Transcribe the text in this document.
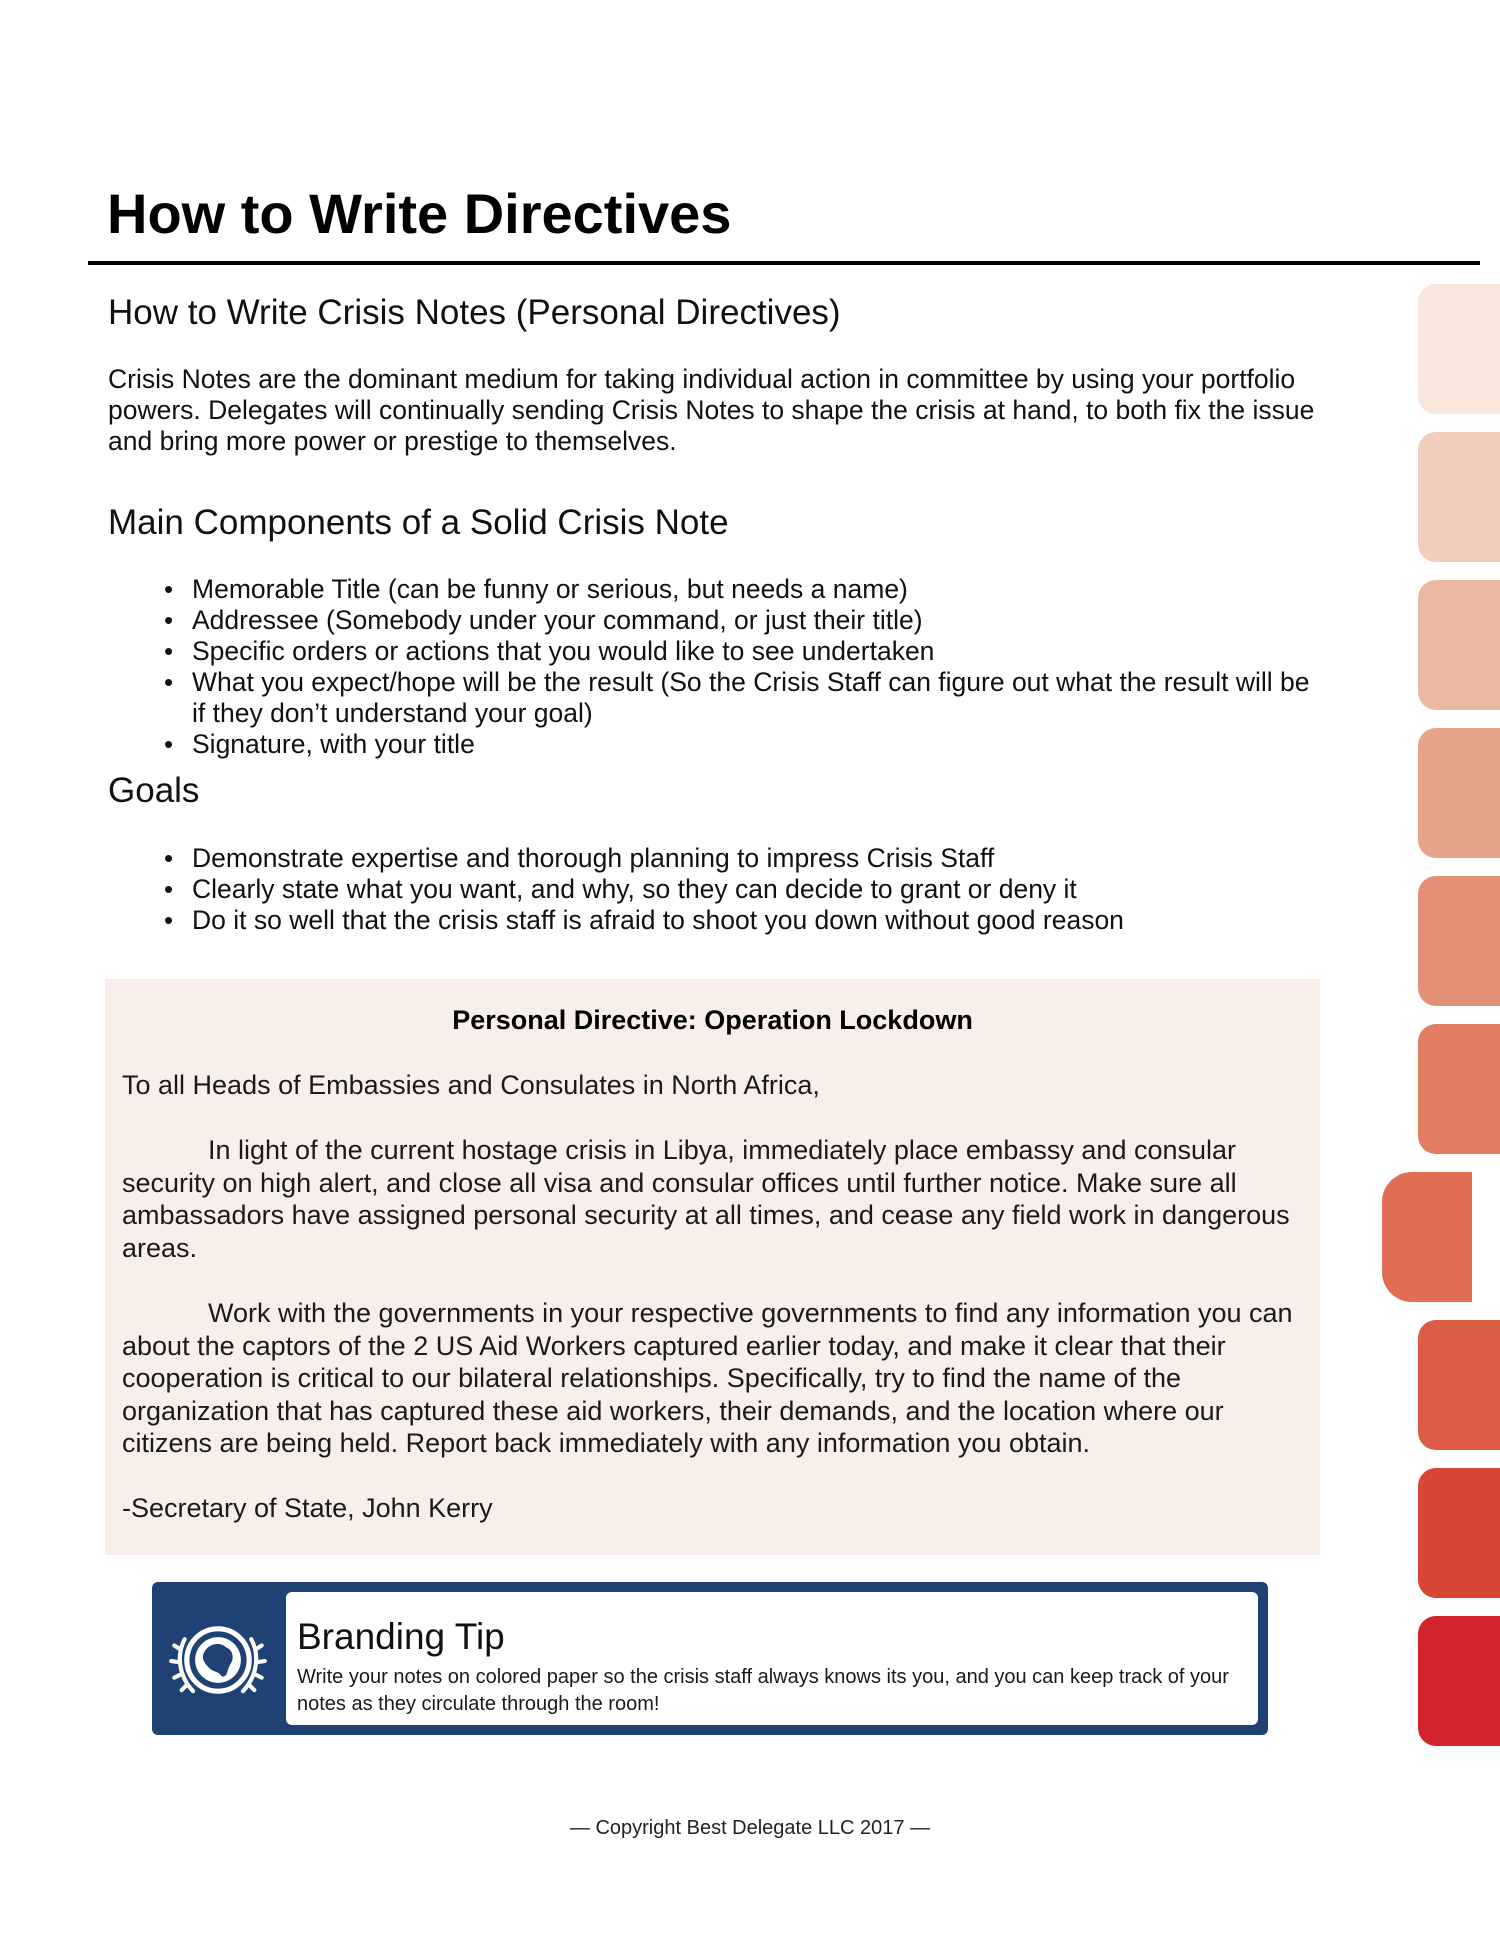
How to Write Directives
How to Write Crisis Notes (Personal Directives)

Crisis Notes are the dominant medium for taking individual action in committee by using your portfolio powers. Delegates will continually sending Crisis Notes to shape the crisis at hand, to both fix the issue and bring more power or prestige to themselves.

Main Components of a Solid Crisis Note
• Memorable Title (can be funny or serious, but needs a name)
• Addressee (Somebody under your command, or just their title)
• Specific orders or actions that you would like to see undertaken
• What you expect/hope will be the result (So the Crisis Staff can figure out what the result will be if they don’t understand your goal)
• Signature, with your title
Goals
• Demonstrate expertise and thorough planning to impress Crisis Staff
• Clearly state what you want, and why, so they can decide to grant or deny it
• Do it so well that the crisis staff is afraid to shoot you down without good reason
Personal Directive: Operation Lockdown

To all Heads of Embassies and Consulates in North Africa,

In light of the current hostage crisis in Libya, immediately place embassy and consular security on high alert, and close all visa and consular offices until further notice. Make sure all ambassadors have assigned personal security at all times, and cease any field work in dangerous areas.

Work with the governments in your respective governments to find any information you can about the captors of the 2 US Aid Workers captured earlier today, and make it clear that their cooperation is critical to our bilateral relationships. Specifically, try to find the name of the organization that has captured these aid workers, their demands, and the location where our citizens are being held. Report back immediately with any information you obtain.

-Secretary of State, John Kerry

Branding Tip

Write your notes on colored paper so the crisis staff always knows its you, and you can keep track of your notes as they circulate through the room!

— Copyright Best Delegate LLC 2017 —
